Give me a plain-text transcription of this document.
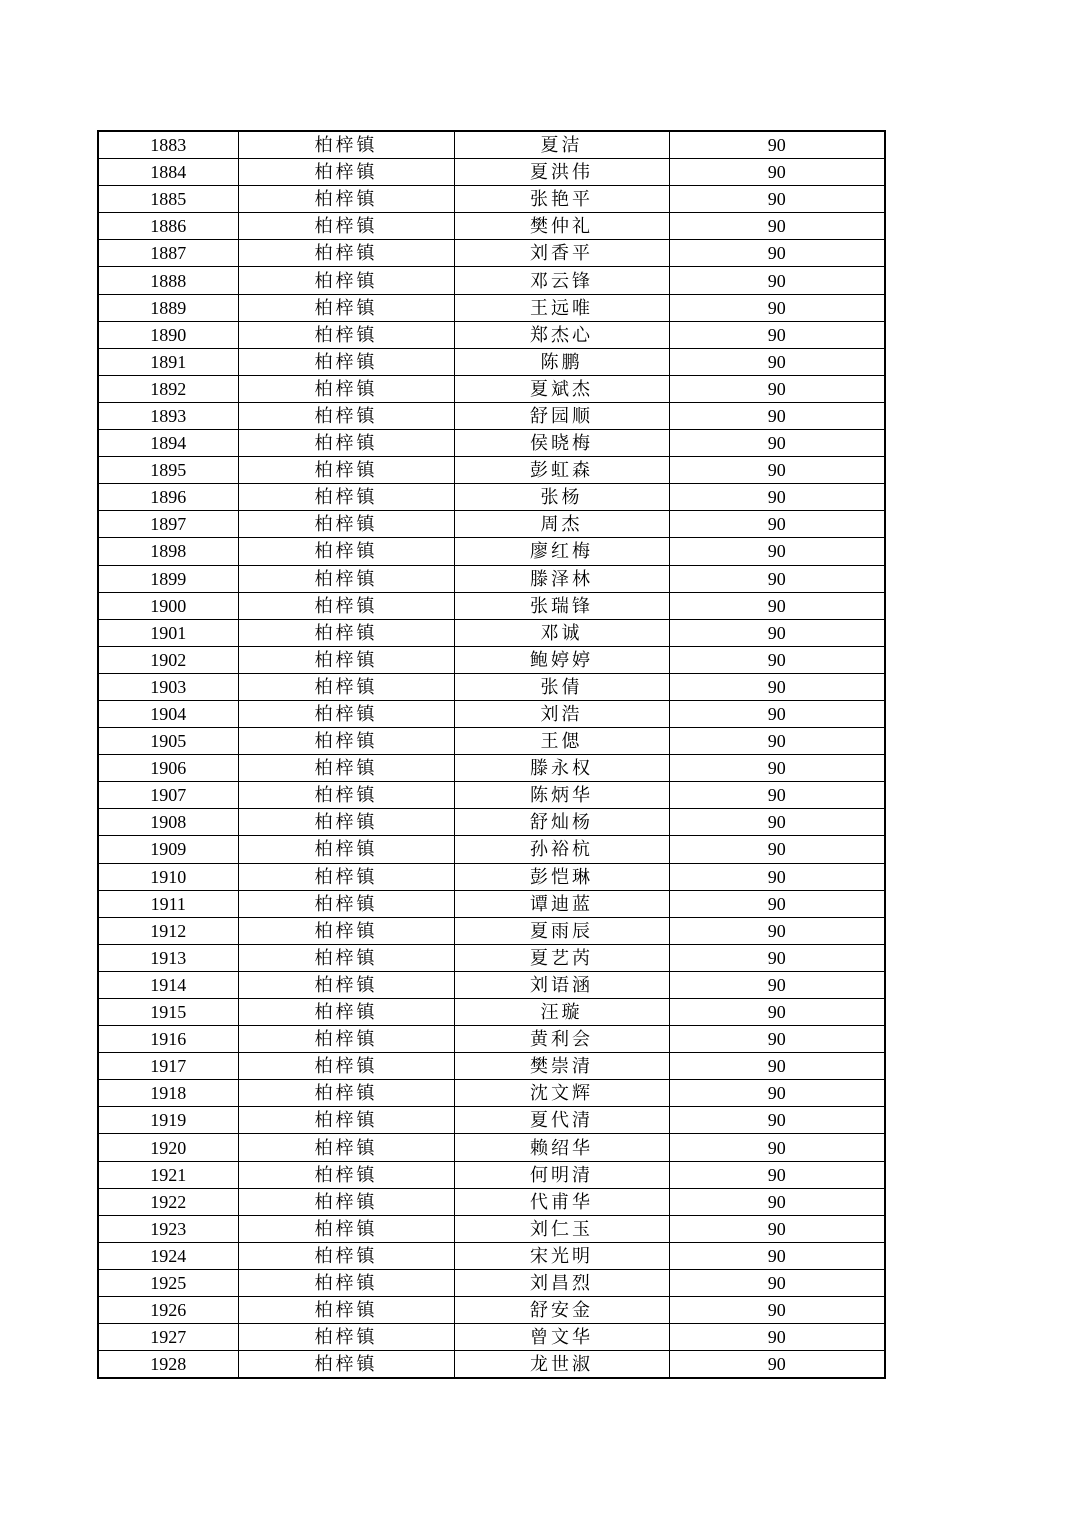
1883	柏梓镇	夏洁	90
1884	柏梓镇	夏洪伟	90
1885	柏梓镇	张艳平	90
1886	柏梓镇	樊仲礼	90
1887	柏梓镇	刘香平	90
1888	柏梓镇	邓云锋	90
1889	柏梓镇	王远唯	90
1890	柏梓镇	郑杰心	90
1891	柏梓镇	陈鹏	90
1892	柏梓镇	夏斌杰	90
1893	柏梓镇	舒园顺	90
1894	柏梓镇	侯晓梅	90
1895	柏梓镇	彭虹森	90
1896	柏梓镇	张杨	90
1897	柏梓镇	周杰	90
1898	柏梓镇	廖红梅	90
1899	柏梓镇	滕泽林	90
1900	柏梓镇	张瑞锋	90
1901	柏梓镇	邓诚	90
1902	柏梓镇	鲍婷婷	90
1903	柏梓镇	张倩	90
1904	柏梓镇	刘浩	90
1905	柏梓镇	王偲	90
1906	柏梓镇	滕永权	90
1907	柏梓镇	陈炳华	90
1908	柏梓镇	舒灿杨	90
1909	柏梓镇	孙裕杭	90
1910	柏梓镇	彭恺琳	90
1911	柏梓镇	谭迪蓝	90
1912	柏梓镇	夏雨辰	90
1913	柏梓镇	夏艺芮	90
1914	柏梓镇	刘语涵	90
1915	柏梓镇	汪璇	90
1916	柏梓镇	黄利会	90
1917	柏梓镇	樊崇清	90
1918	柏梓镇	沈文辉	90
1919	柏梓镇	夏代清	90
1920	柏梓镇	赖绍华	90
1921	柏梓镇	何明清	90
1922	柏梓镇	代甫华	90
1923	柏梓镇	刘仁玉	90
1924	柏梓镇	宋光明	90
1925	柏梓镇	刘昌烈	90
1926	柏梓镇	舒安金	90
1927	柏梓镇	曾文华	90
1928	柏梓镇	龙世淑	90
